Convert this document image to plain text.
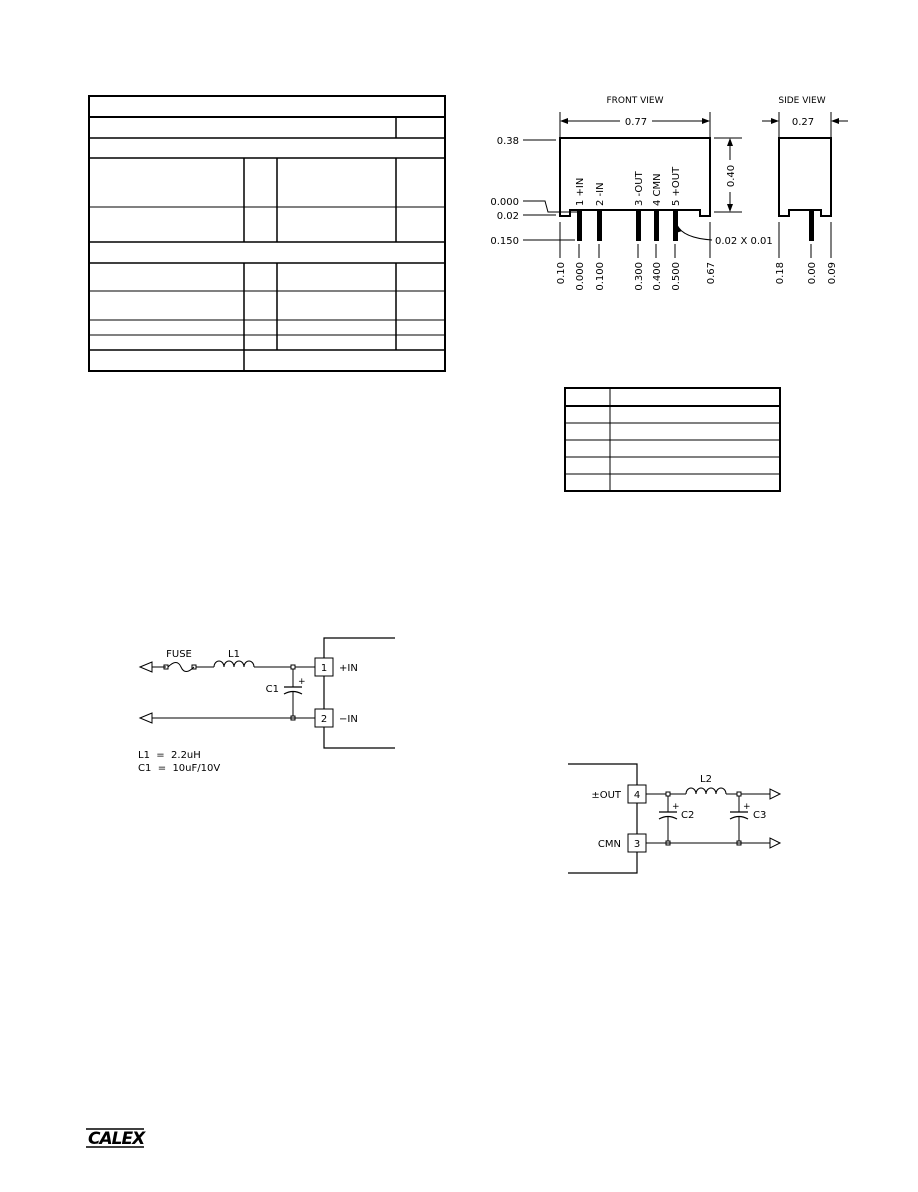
FRONT VIEW	SIDE VIEW
0.77	0.27
0.38
0.40
0.000
0.02
0.150
1 +IN 2 -IN	3 -OUT 4 CMN 5 +OUT
0.02 X 0.01
0.10 0.000 0.100	0.300 0.400 0.500 0.67	0.18 0.00 0.09
FUSE	L1
+
C1
1 +IN
2 −IN
L1  =  2.2uH
C1  =  10uF/10V
L2
+
C2
+
C3
4
±OUT
3
CMN
CALEX
